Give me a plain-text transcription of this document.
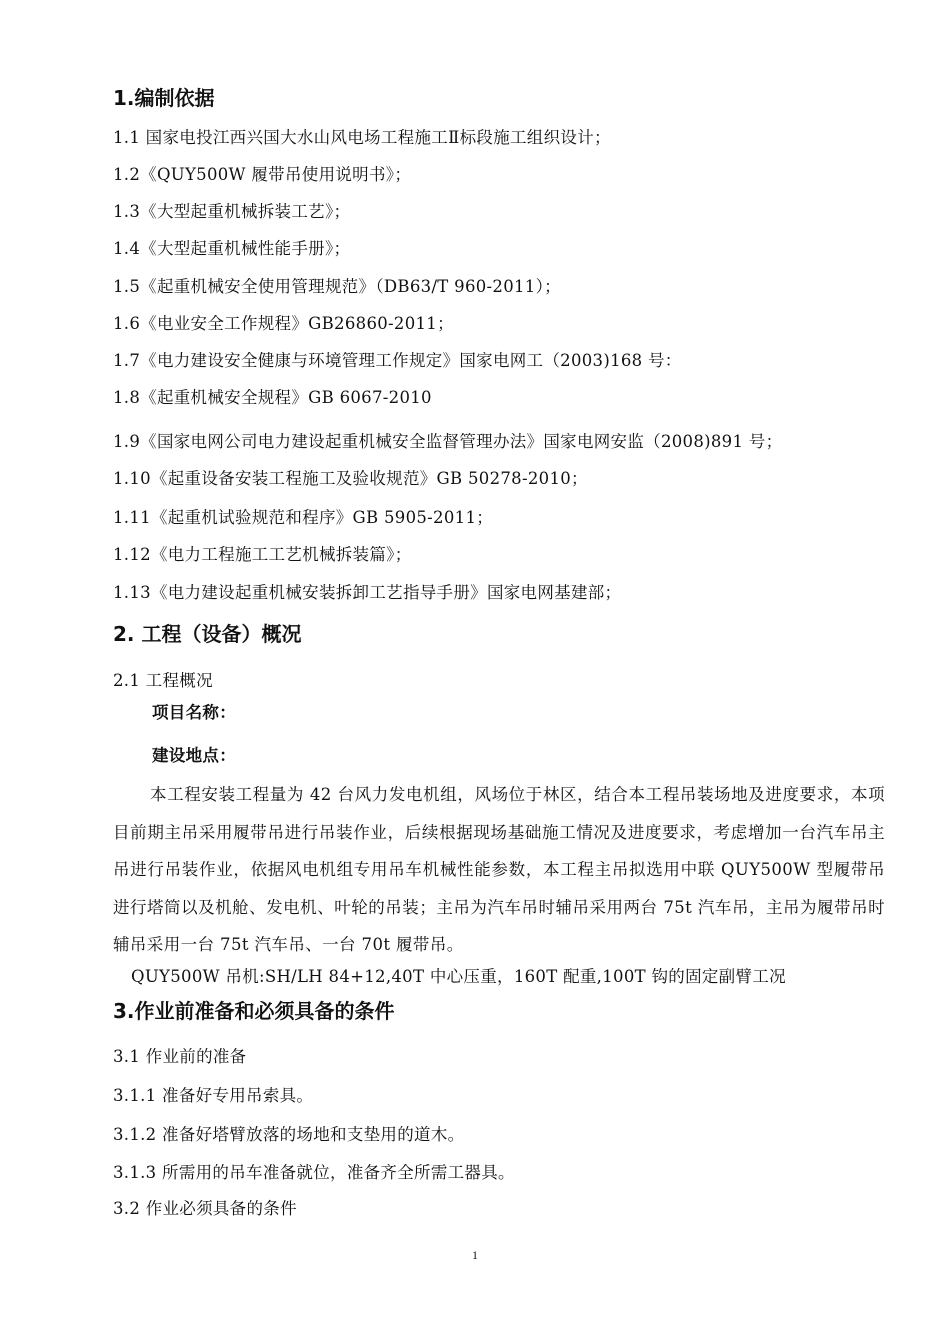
1.编制依据
1.1 国家电投江西兴国大水山风电场工程施工Ⅱ标段施工组织设计；
1.2《QUY500W 履带吊使用说明书》；
1.3《大型起重机械拆装工艺》；
1.4《大型起重机械性能手册》；
1.5《起重机械安全使用管理规范》（DB63/T 960-2011）；
1.6《电业安全工作规程》GB26860-2011；
1.7《电力建设安全健康与环境管理工作规定》国家电网工（2003)168 号：
1.8《起重机械安全规程》GB 6067-2010
1.9《国家电网公司电力建设起重机械安全监督管理办法》国家电网安监（2008)891 号；
1.10《起重设备安装工程施工及验收规范》GB 50278-2010；
1.11《起重机试验规范和程序》GB 5905-2011；
1.12《电力工程施工工艺机械拆装篇》；
1.13《电力建设起重机械安装拆卸工艺指导手册》国家电网基建部；
2. 工程（设备）概况
2.1 工程概况
项目名称：
建设地点：
本工程安装工程量为 42 台风力发电机组，风场位于林区，结合本工程吊装场地及进度要求，本项目前期主吊采用履带吊进行吊装作业，后续根据现场基础施工情况及进度要求，考虑增加一台汽车吊主吊进行吊装作业，依据风电机组专用吊车机械性能参数，本工程主吊拟选用中联 QUY500W 型履带吊进行塔筒以及机舱、发电机、叶轮的吊装；主吊为汽车吊时辅吊采用两台 75t 汽车吊，主吊为履带吊时辅吊采用一台 75t 汽车吊、一台 70t 履带吊。
QUY500W 吊机:SH/LH 84+12,40T 中心压重，160T 配重,100T 钩的固定副臂工况
3.作业前准备和必须具备的条件
3.1 作业前的准备
3.1.1 准备好专用吊索具。
3.1.2 准备好塔臂放落的场地和支垫用的道木。
3.1.3 所需用的吊车准备就位，准备齐全所需工器具。
3.2 作业必须具备的条件
1
